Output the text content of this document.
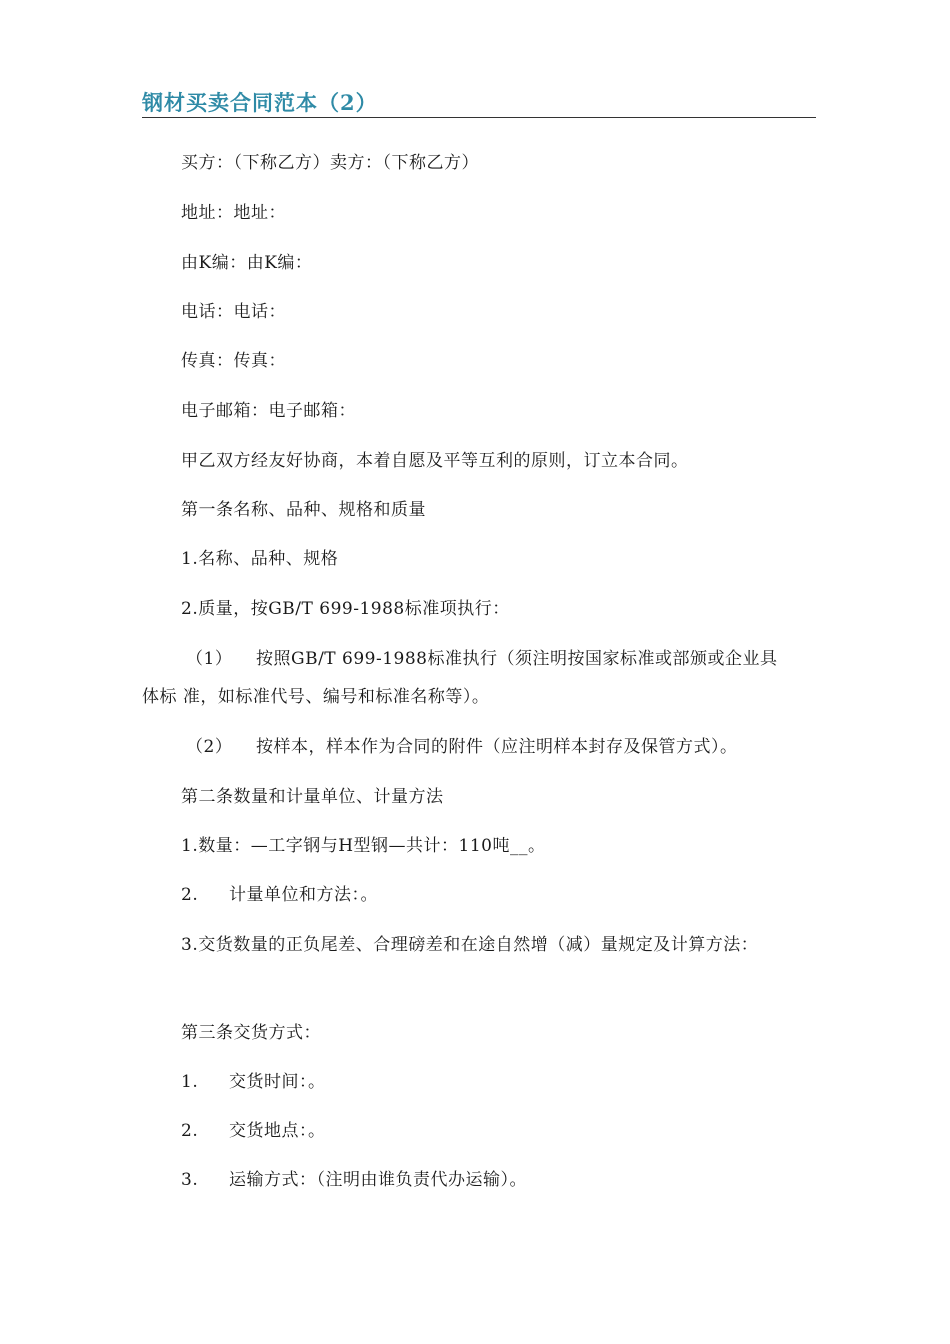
钢材买卖合同范本（2）
买方：（下称乙方）卖方：（下称乙方）
地址：地址：
由K编：由K编：
电话：电话：
传真：传真：
电子邮箱：电子邮箱：
甲乙双方经友好协商，本着自愿及平等互利的原则，订立本合同。
第一条名称、品种、规格和质量
1.名称、品种、规格
2.质量，按GB/T 699-1988标准项执行：
（1） 按照GB/T 699-1988标准执行（须注明按国家标准或部颁或企业具
体标 准，如标准代号、编号和标准名称等）。
（2） 按样本，样本作为合同的附件（应注明样本封存及保管方式）。
第二条数量和计量单位、计量方法
1.数量：—工字钢与H型钢—共计：110吨__。
2. 计量单位和方法：。
3.交货数量的正负尾差、合理磅差和在途自然增（减）量规定及计算方法：
第三条交货方式：
1. 交货时间：。
2. 交货地点：。
3. 运输方式：（注明由谁负责代办运输）。
